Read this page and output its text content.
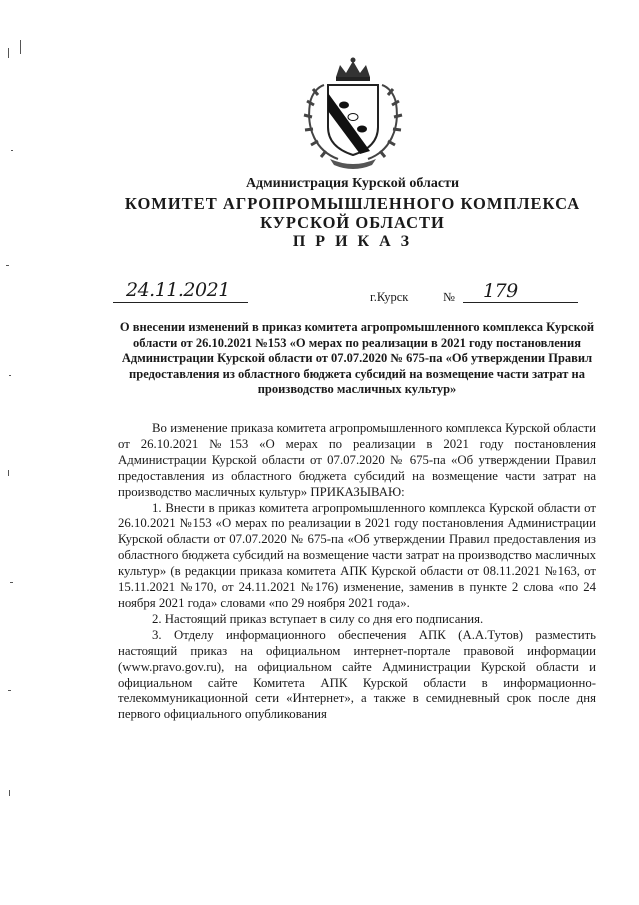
Администрация Курской области
КОМИТЕТ АГРОПРОМЫШЛЕННОГО КОМПЛЕКСА
КУРСКОЙ ОБЛАСТИ
П Р И К А З
24.11.2021	г.Курск	№ 179
О внесении изменений в приказ комитета агропромышленного комплекса Курской области от 26.10.2021 №153 «О мерах по реализации в 2021 году постановления Администрации Курской области от 07.07.2020 № 675-па «Об утверждении Правил предоставления из областного бюджета субсидий на возмещение части затрат на производство масличных культур»

Во изменение приказа комитета агропромышленного комплекса Курской области от 26.10.2021 №153 «О мерах по реализации в 2021 году постановления Администрации Курской области от 07.07.2020 № 675-па «Об утверждении Правил предоставления из областного бюджета субсидий на возмещение части затрат на производство масличных культур» ПРИКАЗЫВАЮ:

1. Внести в приказ комитета агропромышленного комплекса Курской области от 26.10.2021 №153 «О мерах по реализации в 2021 году постановления Администрации Курской области от 07.07.2020 № 675-па «Об утверждении Правил предоставления из областного бюджета субсидий на возмещение части затрат на производство масличных культур» (в редакции приказа комитета АПК Курской области от 08.11.2021 №163, от 15.11.2021 №170, от 24.11.2021 №176) изменение, заменив в пункте 2 слова «по 24 ноября 2021 года» словами «по 29 ноября 2021 года».

2. Настоящий приказ вступает в силу со дня его подписания.

3. Отделу информационного обеспечения АПК (А.А.Тутов) разместить настоящий приказ на официальном интернет-портале правовой информации (www.pravo.gov.ru), на официальном сайте Администрации Курской области и официальном сайте Комитета АПК Курской области в информационно-телекоммуникационной сети «Интернет», а также в семидневный срок после дня первого официального опубликования
